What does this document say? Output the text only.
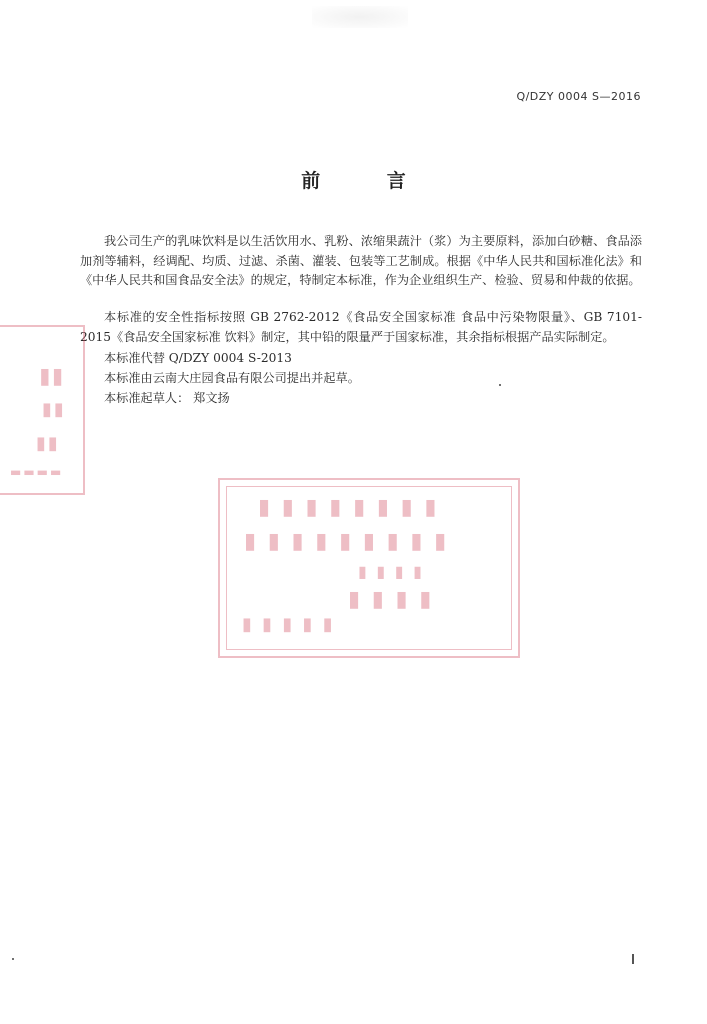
Q/DZY 0004 S—2016
前 言
我公司生产的乳味饮料是以生活饮用水、乳粉、浓缩果蔬汁（浆）为主要原料，添加白砂糖、食品添加剂等辅料，经调配、均质、过滤、杀菌、灌装、包装等工艺制成。根据《中华人民共和国标准化法》和《中华人民共和国食品安全法》的规定，特制定本标准，作为企业组织生产、检验、贸易和仲裁的依据。
本标准的安全性指标按照 GB 2762-2012《食品安全国家标准 食品中污染物限量》、GB 7101-2015《食品安全国家标准 饮料》制定，其中铅的限量严于国家标准，其余指标根据产品实际制定。
本标准代替 Q/DZY 0004 S-2013
本标准由云南大庄园食品有限公司提出并起草。
本标准起草人： 郑文扬
▮▮
▮▮
▮▮
▬▬▬▬
▮ ▮ ▮ ▮ ▮ ▮ ▮ ▮
▮ ▮ ▮ ▮ ▮ ▮ ▮ ▮ ▮
▮ ▮ ▮ ▮
▮ ▮ ▮ ▮
▮ ▮ ▮ ▮ ▮
